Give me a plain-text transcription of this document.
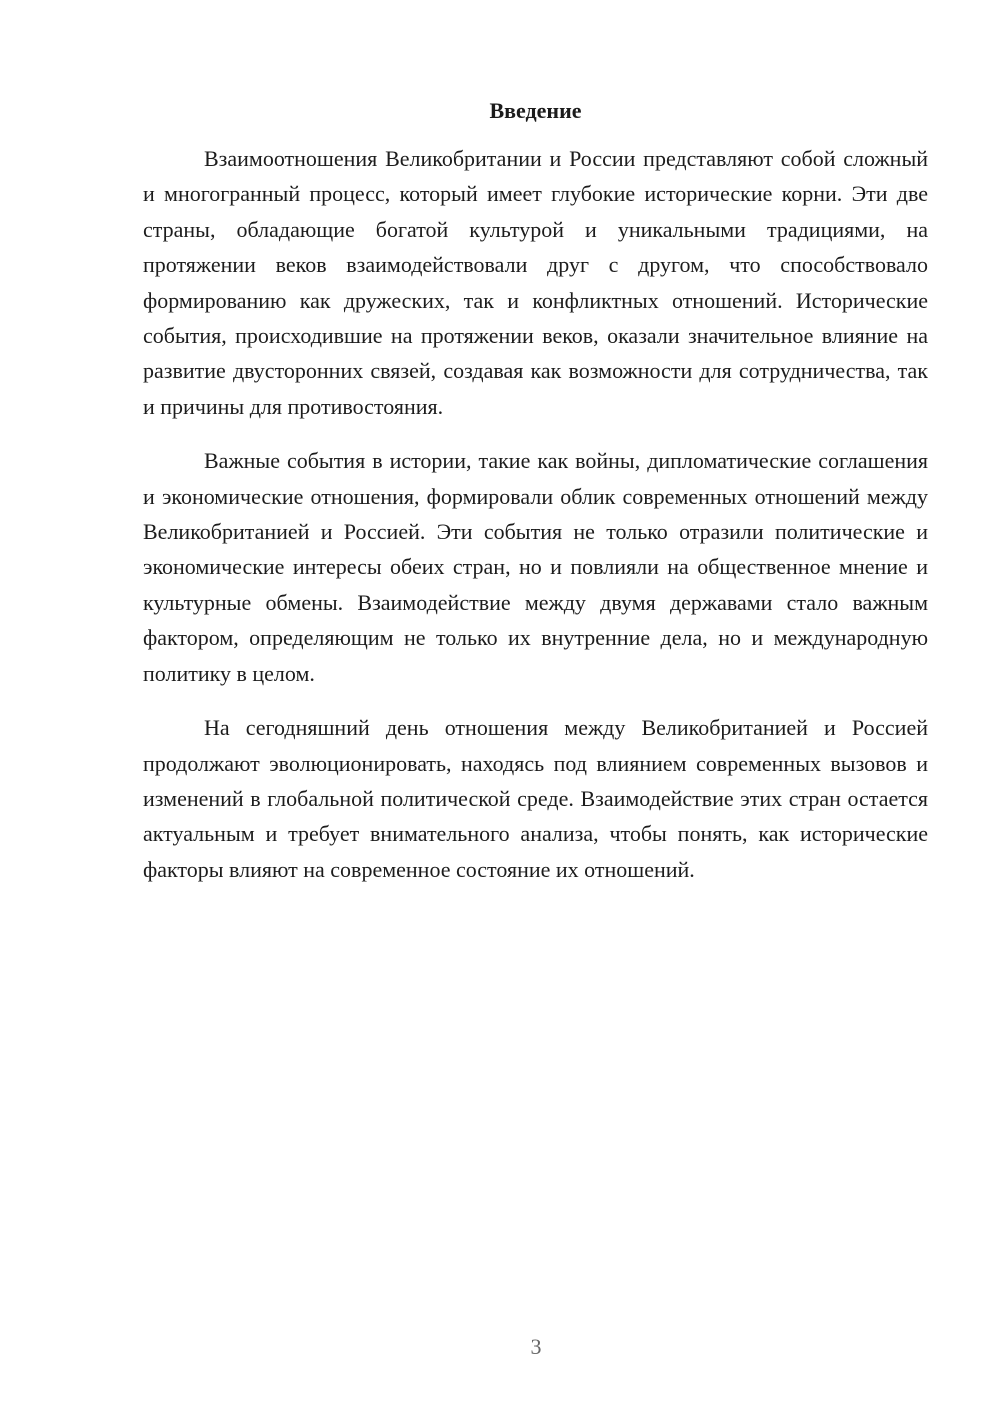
Введение

Взаимоотношения Великобритании и России представляют собой сложный и многогранный процесс, который имеет глубокие исторические корни. Эти две страны, обладающие богатой культурой и уникальными традициями, на протяжении веков взаимодействовали друг с другом, что способствовало формированию как дружеских, так и конфликтных отношений. Исторические события, происходившие на протяжении веков, оказали значительное влияние на развитие двусторонних связей, создавая как возможности для сотрудничества, так и причины для противостояния.

Важные события в истории, такие как войны, дипломатические соглашения и экономические отношения, формировали облик современных отношений между Великобританией и Россией. Эти события не только отразили политические и экономические интересы обеих стран, но и повлияли на общественное мнение и культурные обмены. Взаимодействие между двумя державами стало важным фактором, определяющим не только их внутренние дела, но и международную политику в целом.

На сегодняшний день отношения между Великобританией и Россией продолжают эволюционировать, находясь под влиянием современных вызовов и изменений в глобальной политической среде. Взаимодействие этих стран остается актуальным и требует внимательного анализа, чтобы понять, как исторические факторы влияют на современное состояние их отношений.

3
